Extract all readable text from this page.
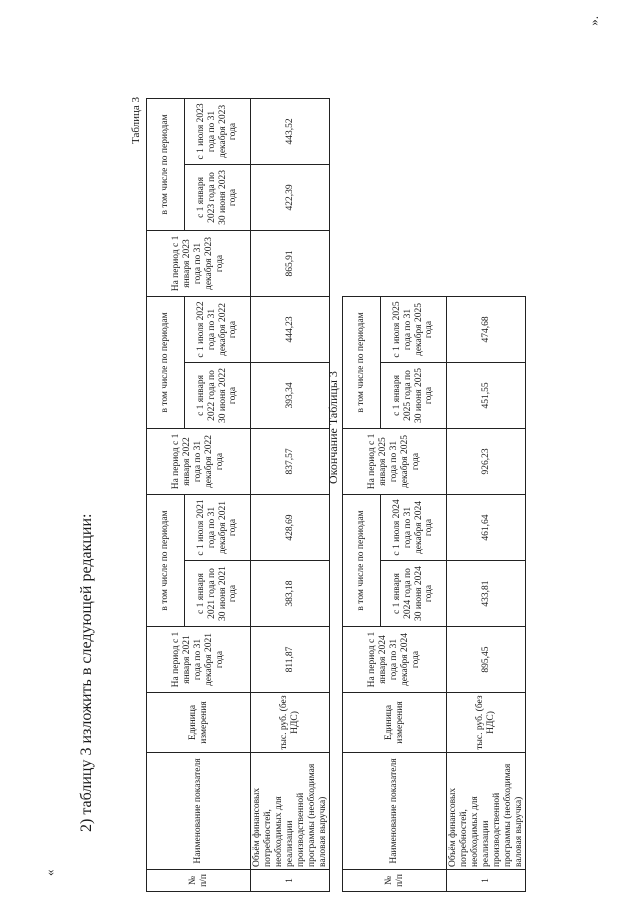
«
2) таблицу 3 изложить в следующей редакции:
Таблица 3
№ п/п	Наименование показателя	Единица измерения	На период с 1 января 2021 года по 31 декабря 2021 года	в том числе по периодам		На период с 1 января 2022 года по 31 декабря 2022 года	в том числе по периодам		На период с 1 января 2023 года по 31 декабря 2023 года	в том числе по периодам	
				с 1 января 2021 года по 30 июня 2021 года	с 1 июля 2021 года по 31 декабря 2021 года		с 1 января 2022 года по 30 июня 2022 года	с 1 июля 2022 года по 31 декабря 2022 года		с 1 января 2023 года по 30 июня 2023 года	с 1 июля 2023 года по 31 декабря 2023 года
1	Объём финансовых потребностей, необходимых для реализации производственной программы (необходимая валовая выручка)	тыс. руб. (без НДС)	811,87	383,18	428,69	837,57	393,34	444,23	865,91	422,39	443,52
Окончание Таблицы 3
№ п/п	Наименование показателя	Единица измерения	На период с 1 января 2024 года по 31 декабря 2024 года	в том числе по периодам		На период с 1 января 2025 года по 31 декабря 2025 года	в том числе по периодам	
				с 1 января 2024 года по 30 июня 2024 года	с 1 июля 2024 года по 31 декабря 2024 года		с 1 января 2025 года по 30 июня 2025 года	с 1 июля 2025 года по 31 декабря 2025 года
1	Объём финансовых потребностей, необходимых для реализации производственной программы (необходимая валовая выручка)	тыс. руб. (без НДС)	895,45	433,81	461,64	926,23	451,55	474,68
».
